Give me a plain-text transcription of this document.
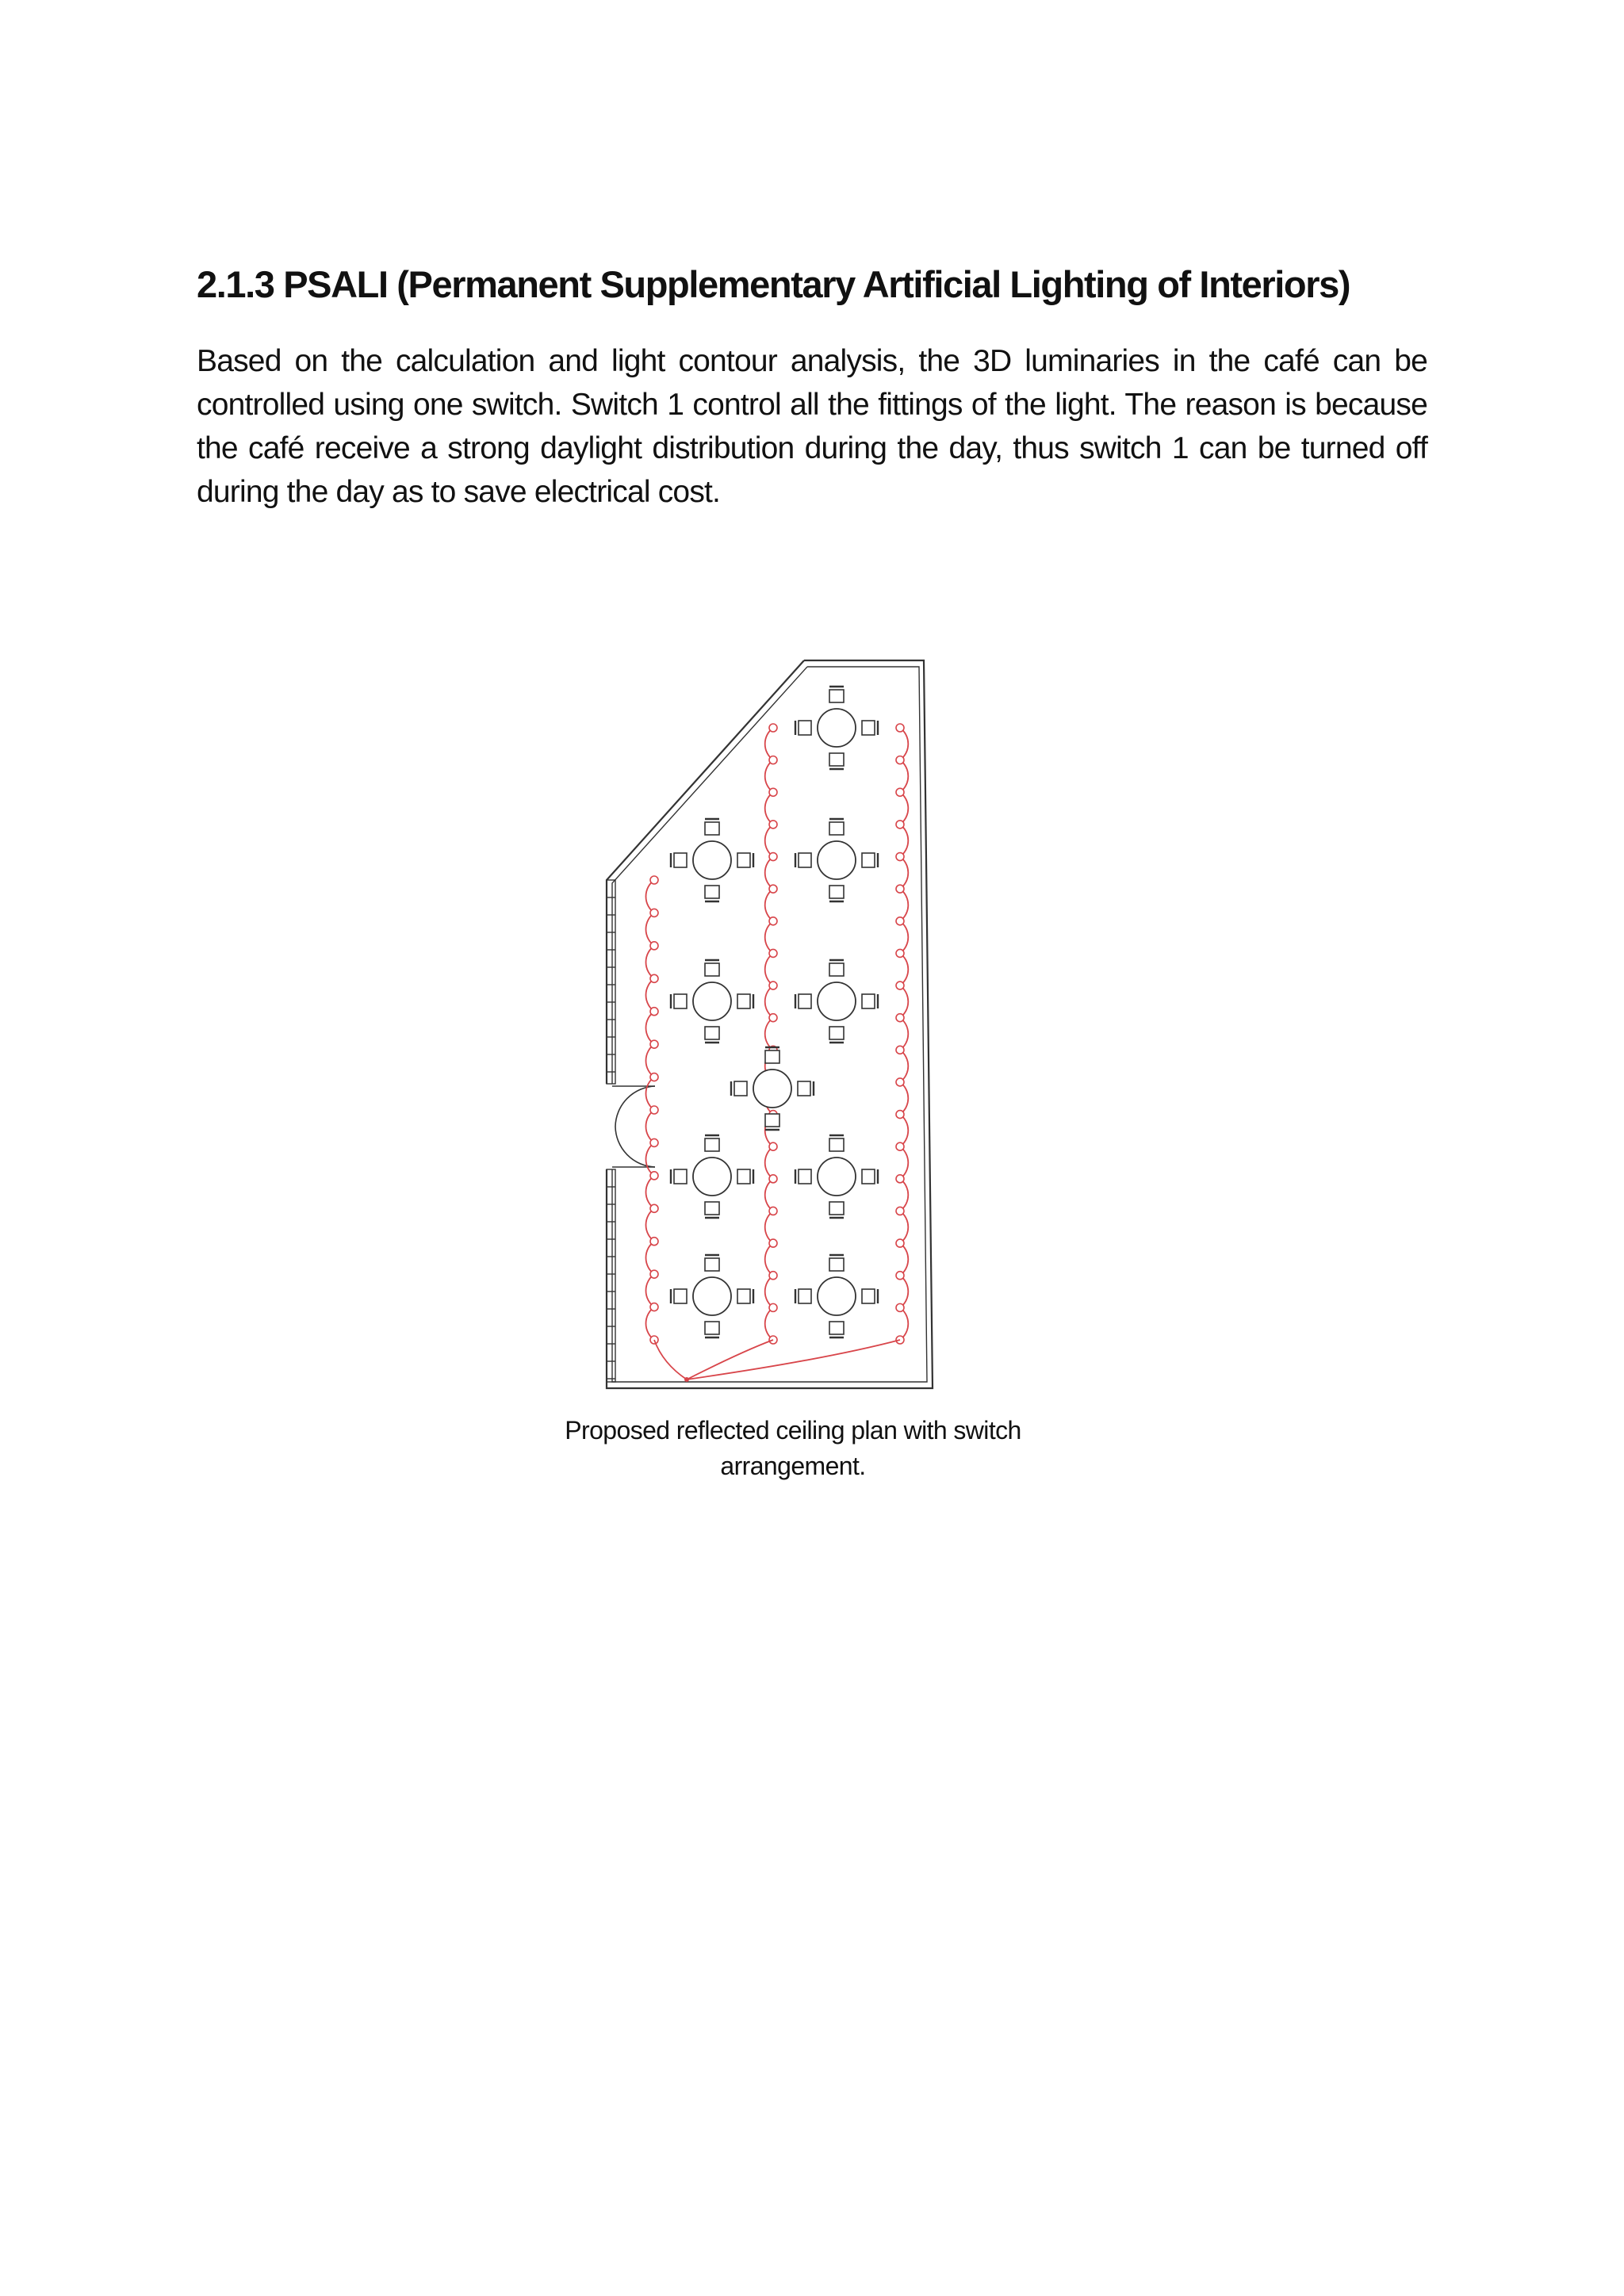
2.1.3 PSALI (Permanent Supplementary Artificial Lighting of Interiors)

Based on the calculation and light contour analysis, the 3D luminaries in the café can be controlled using one switch. Switch 1 control all the fittings of the light. The reason is because the café receive a strong daylight distribution during the day, thus switch 1 can be turned off during the day as to save electrical cost.

Proposed reflected ceiling plan with switch arrangement.
